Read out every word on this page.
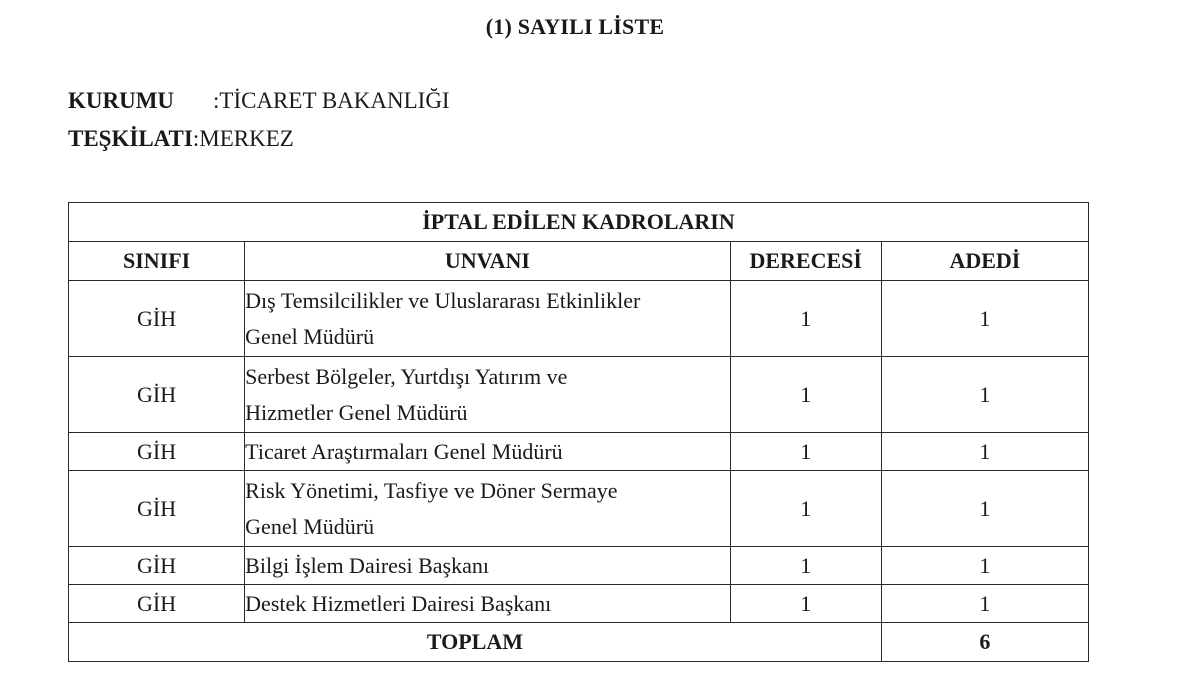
(1) SAYILI LİSTE
KURUMU:TİCARET BAKANLIĞI
TEŞKİLATI:MERKEZ
İPTAL EDİLEN KADROLARIN			
SINIFI	UNVANI	DERECESİ	ADEDİ
GİH	Dış Temsilcilikler ve Uluslararası Etkinlikler
Genel Müdürü	1	1
GİH	Serbest Bölgeler, Yurtdışı Yatırım ve
Hizmetler Genel Müdürü	1	1
GİH	Ticaret Araştırmaları Genel Müdürü	1	1
GİH	Risk Yönetimi, Tasfiye ve Döner Sermaye
Genel Müdürü	1	1
GİH	Bilgi İşlem Dairesi Başkanı	1	1
GİH	Destek Hizmetleri Dairesi Başkanı	1	1
TOPLAM			6
